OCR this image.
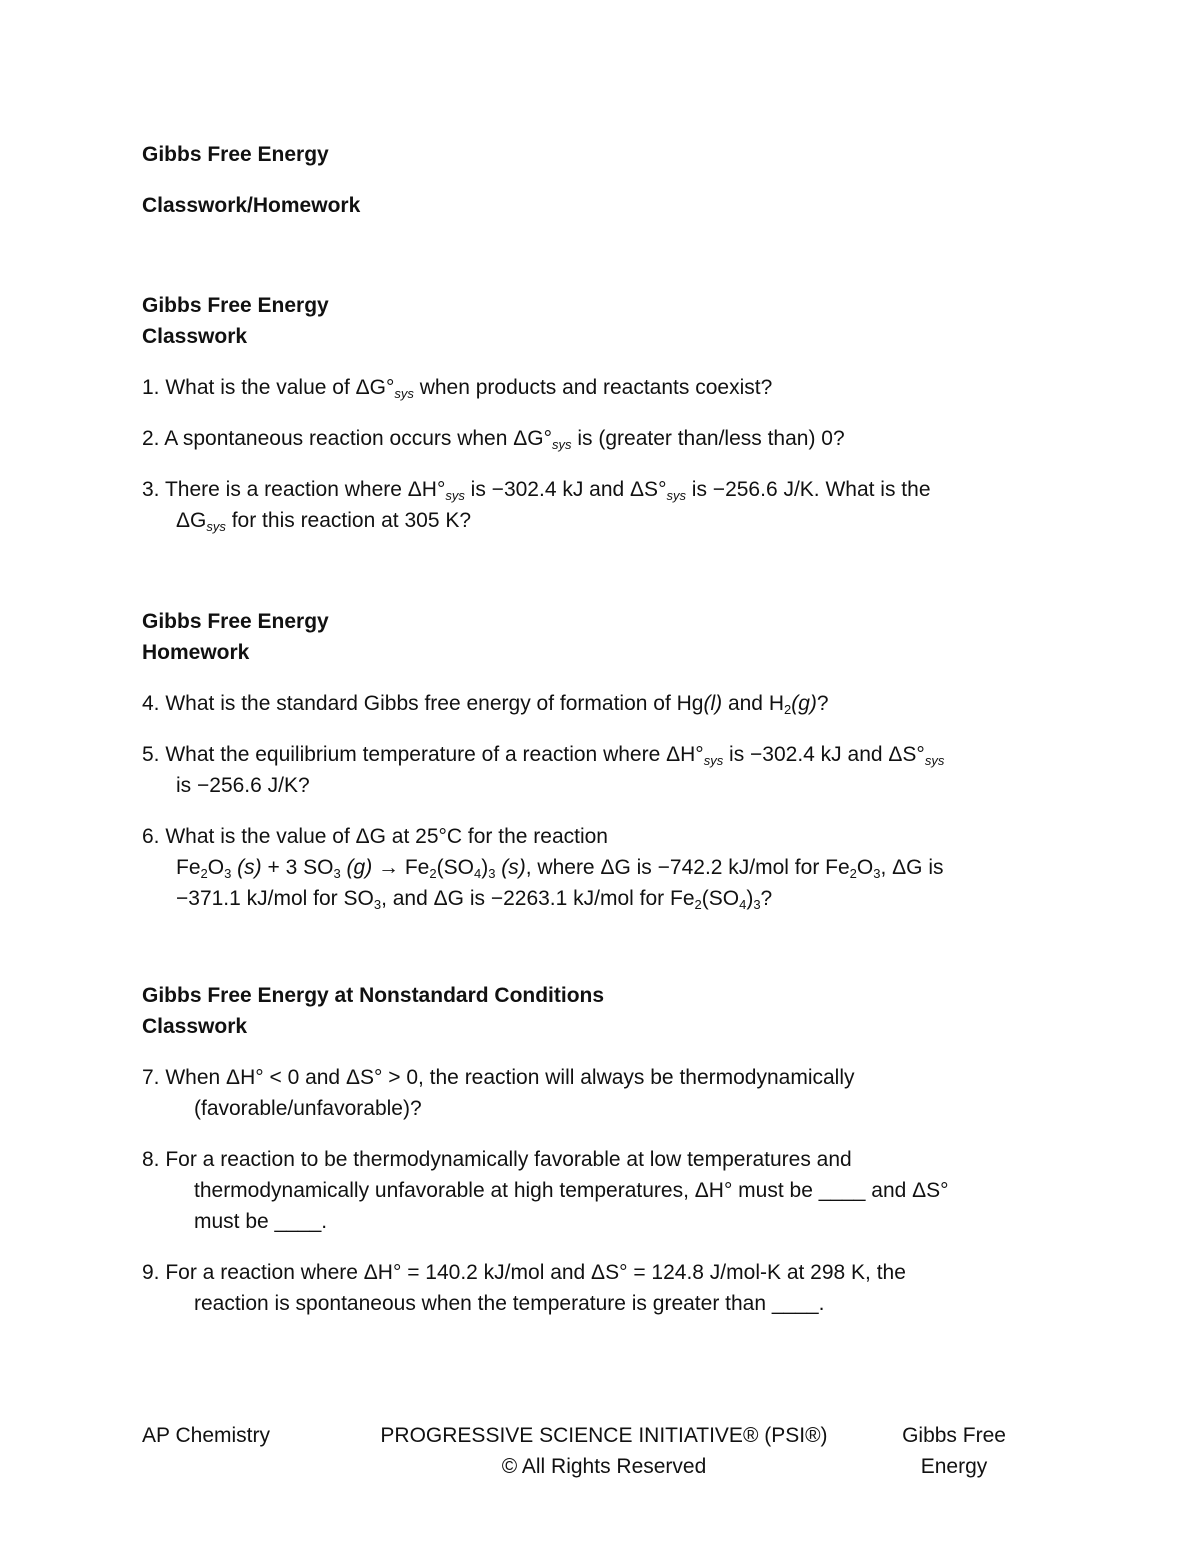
Gibbs Free Energy
Classwork/Homework
Gibbs Free Energy
Classwork
1. What is the value of ΔG°sys when products and reactants coexist?
2. A spontaneous reaction occurs when ΔG°sys is (greater than/less than) 0?
3. There is a reaction where ΔH°sys is −302.4 kJ and ΔS°sys is −256.6 J/K. What is the
ΔGsys for this reaction at 305 K?
Gibbs Free Energy
Homework
4. What is the standard Gibbs free energy of formation of Hg(l) and $H_2(g)$?
5. What the equilibrium temperature of a reaction where ΔH°sys is −302.4 kJ and ΔS°sys
is −256.6 J/K?
6. What is the value of ΔG at 25°C for the reaction
$Fe_2O_3$ (s) + 3 $SO_3$ $(g) \to Fe_2(SO_4)_3$ (s), where ΔG is −742.2 kJ/mol for $Fe_2O_3$, ΔG is
−371.1 kJ/mol for $SO_3$, and ΔG is −2263.1 kJ/mol for $Fe_2(SO_4)_3$?
Gibbs Free Energy at Nonstandard Conditions
Classwork
7. When ΔH° < 0 and ΔS° > 0, the reaction will always be thermodynamically
(favorable/unfavorable)?
8. For a reaction to be thermodynamically favorable at low temperatures and
thermodynamically unfavorable at high temperatures, ΔH° must be ____ and ΔS°
must be ____.
9. For a reaction where ΔH° = 140.2 kJ/mol and ΔS° = 124.8 J/mol-K at 298 K, the
reaction is spontaneous when the temperature is greater than ____.
AP Chemistry	PROGRESSIVE SCIENCE INITIATIVE® (PSI®)
© All Rights Reserved
Gibbs Free
Energy
